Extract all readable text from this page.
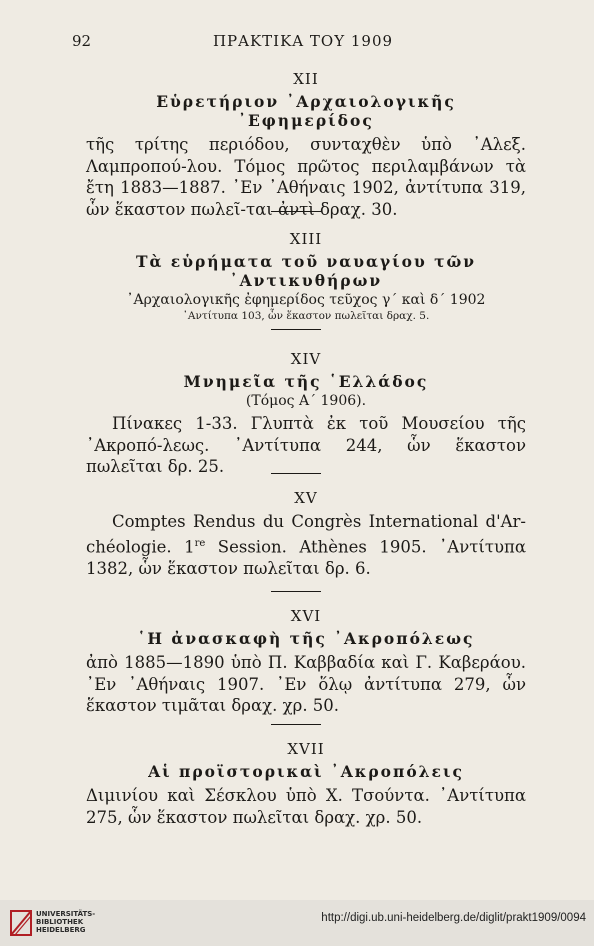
92	ΠΡΑΚΤΙΚΑ ΤΟΥ 1909
XII
Εὑρετήριον ᾿Αρχαιολογικῆς ᾿Εφημερίδος
τῆς τρίτης περιόδου, συνταχθὲν ὑπὸ ᾿Αλεξ. Λαμπροπού-λου. Τόμος πρῶτος περιλαμβάνων τὰ ἔτη 1883—1887. ᾿Εν ᾿Αθήναις 1902, ἀντίτυπα 319, ὧν ἕκαστον πωλεῖ-ται ἀντὶ δραχ. 30.
XIII
Τὰ εὑρήματα τοῦ ναυαγίου τῶν ᾿Αντικυθήρων
᾿Αρχαιολογικῆς ἐφημερίδος τεῦχος γ΄ καὶ δ΄ 1902
᾿Αντίτυπα 103, ὧν ἕκαστον πωλεῖται δραχ. 5.
XIV
Μνημεῖα τῆς ῾Ελλάδος
(Τόμος Α΄ 1906).
Πίνακες 1-33. Γλυπτὰ ἐκ τοῦ Μουσείου τῆς ᾿Ακροπό-λεως. ᾿Αντίτυπα 244, ὧν ἕκαστον πωλεῖται δρ. 25.
XV
Comptes Rendus du Congrès International d'Ar-chéologie. 1re Session. Athènes 1905. ᾿Αντίτυπα 1382, ὧν ἕκαστον πωλεῖται δρ. 6.
XVI
῾Η ἀνασκαφὴ τῆς ᾿Ακροπόλεως
ἀπὸ 1885—1890 ὑπὸ Π. Καββαδία καὶ Γ. Καβεράου. ᾿Εν ᾿Αθήναις 1907. ᾿Εν ὅλῳ ἀντίτυπα 279, ὧν ἕκαστον τιμᾶται δραχ. χρ. 50.
XVII
Αἱ προϊστορικαὶ ᾿Ακροπόλεις
Διμινίου καὶ Σέσκλου ὑπὸ Χ. Τσούντα. ᾿Αντίτυπα 275, ὧν ἕκαστον πωλεῖται δραχ. χρ. 50.
UNIVERSITÄTS-
BIBLIOTHEK
HEIDELBERG
http://digi.ub.uni-heidelberg.de/diglit/prakt1909/0094
